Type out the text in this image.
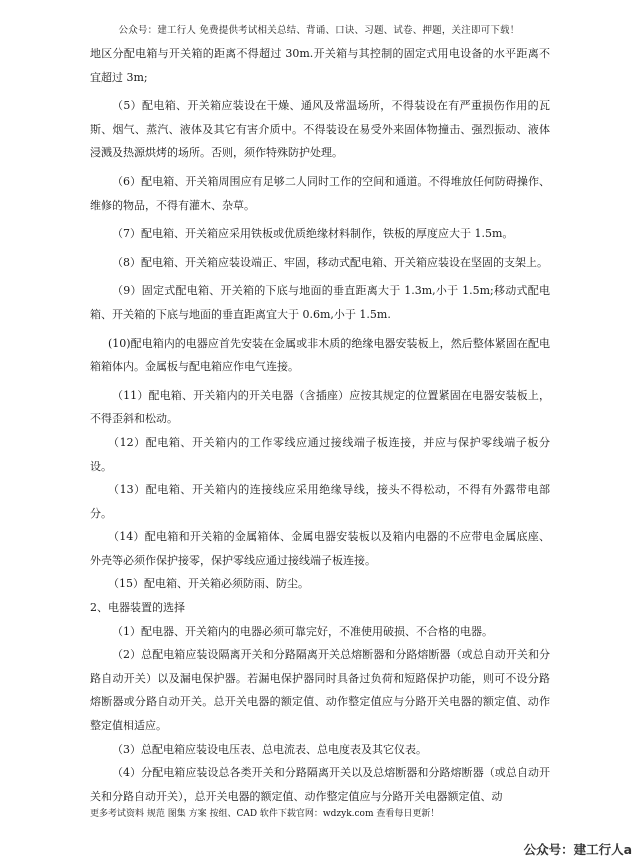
公众号：建工行人 免费提供考试相关总结、背诵、口诀、习题、试卷、押题，关注即可下载！

地区分配电箱与开关箱的距离不得超过 30m.开关箱与其控制的固定式用电设备的水平距离不宜超过 3m;

（5）配电箱、开关箱应装设在干燥、通风及常温场所，不得装设在有严重损伤作用的瓦斯、烟气、蒸汽、液体及其它有害介质中。不得装设在易受外来固体物撞击、强烈振动、液体浸溅及热源烘烤的场所。否则，须作特殊防护处理。

（6）配电箱、开关箱周围应有足够二人同时工作的空间和通道。不得堆放任何防碍操作、维修的物品，不得有灌木、杂草。

（7）配电箱、开关箱应采用铁板或优质绝缘材料制作，铁板的厚度应大于 1.5m。

（8）配电箱、开关箱应装设端正、牢固，移动式配电箱、开关箱应装设在坚固的支架上。

（9）固定式配电箱、开关箱的下底与地面的垂直距离大于 1.3m,小于 1.5m;移动式配电箱、开关箱的下底与地面的垂直距离宜大于 0.6m,小于 1.5m.

(10)配电箱内的电器应首先安装在金属或非木质的绝缘电器安装板上，然后整体紧固在配电箱箱体内。金属板与配电箱应作电气连接。

（11）配电箱、开关箱内的开关电器（含插座）应按其规定的位置紧固在电器安装板上，不得歪斜和松动。

（12）配电箱、开关箱内的工作零线应通过接线端子板连接，并应与保护零线端子板分设。

（13）配电箱、开关箱内的连接线应采用绝缘导线，接头不得松动，不得有外露带电部分。

（14）配电箱和开关箱的金属箱体、金属电器安装板以及箱内电器的不应带电金属底座、外壳等必须作保护接零，保护零线应通过接线端子板连接。

（15）配电箱、开关箱必须防雨、防尘。

2、电器装置的选择

（1）配电器、开关箱内的电器必须可靠完好，不准使用破损、不合格的电器。

（2）总配电箱应装设隔离开关和分路隔离开关总熔断器和分路熔断器（或总自动开关和分路自动开关）以及漏电保护器。若漏电保护器同时具备过负荷和短路保护功能，则可不设分路熔断器或分路自动开关。总开关电器的额定值、动作整定值应与分路开关电器的额定值、动作整定值相适应。

（3）总配电箱应装设电压表、总电流表、总电度表及其它仪表。

（4）分配电箱应装设总各类开关和分路隔离开关以及总熔断器和分路熔断器（或总自动开关和分路自动开关），总开关电器的额定值、动作整定值应与分路开关电器额定值、动

更多考试资料 规范 图集 方案 按组、CAD 软件下载官网：wdzyk.com 查看每日更新！
公众号：建工行人a
